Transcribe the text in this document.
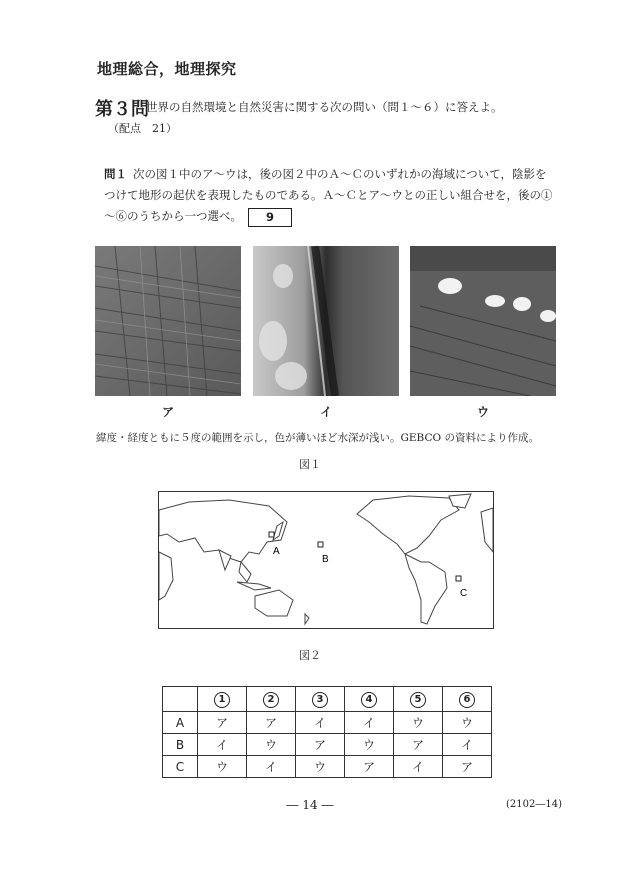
地理総合，地理探究
第３問
世界の自然環境と自然災害に関する次の問い（問１～６）に答えよ。
（配点　21）
問１ 次の図１中のア～ウは，後の図２中のＡ～Ｃのいずれかの海域について，陰影をつけて地形の起伏を表現したものである。Ａ～Ｃとア～ウとの正しい組合せを，後の①～⑥のうちから一つ選べ。 9
ア	イ	ウ
緯度・経度ともに５度の範囲を示し，色が薄いほど水深が浅い。GEBCO の資料により作成。
図１
A
B
C
図２
	1	2	3	4	5	6
A	ア	ア	イ	イ	ウ	ウ
B	イ	ウ	ア	ウ	ア	イ
C	ウ	イ	ウ	ア	イ	ア
― 14 ―	(2102―14)
